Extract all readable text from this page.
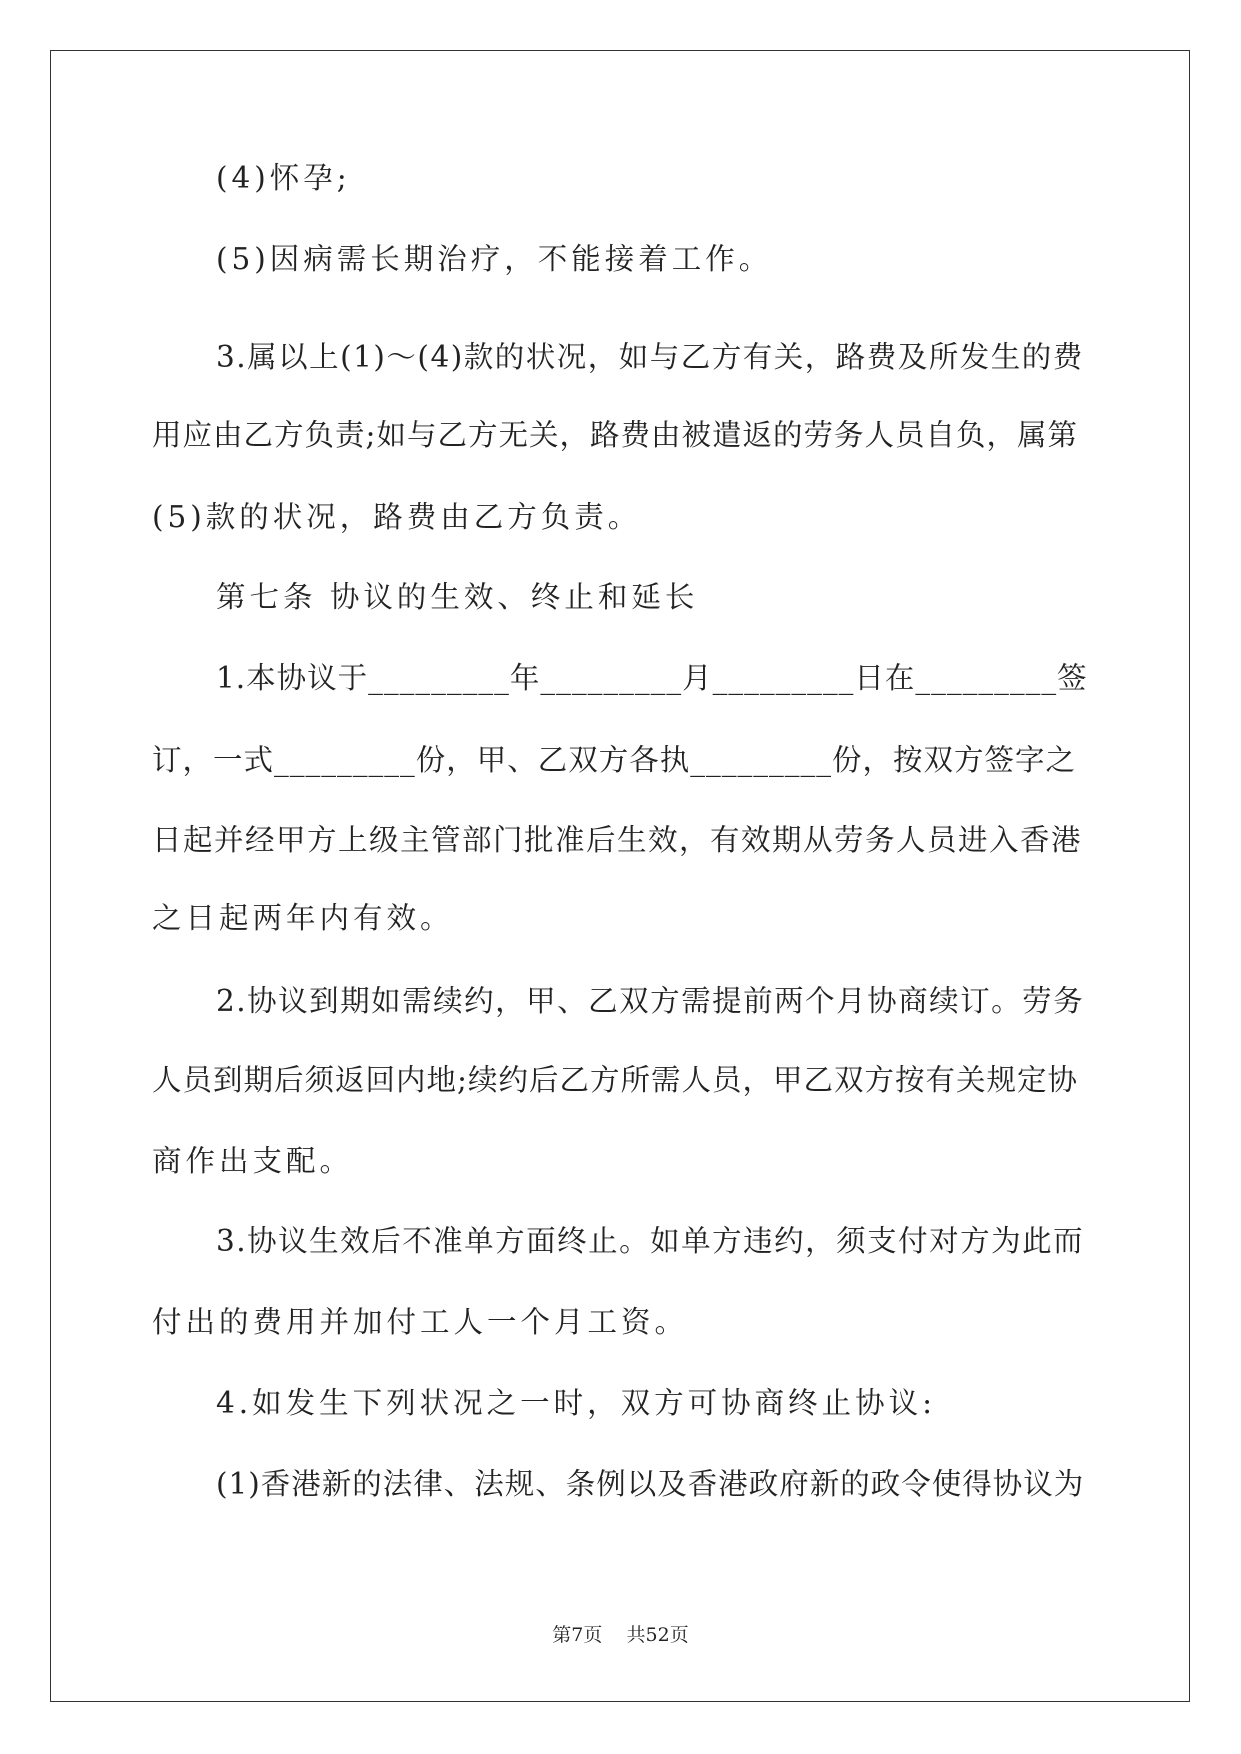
(4)怀孕;
(5)因病需长期治疗，不能接着工作。
3.属以上(1)～(4)款的状况，如与乙方有关，路费及所发生的费
用应由乙方负责;如与乙方无关，路费由被遣返的劳务人员自负，属第
(5)款的状况，路费由乙方负责。
第七条 协议的生效、终止和延长
1.本协议于_________年_________月_________日在_________签
订，一式_________份，甲、乙双方各执_________份，按双方签字之
日起并经甲方上级主管部门批准后生效，有效期从劳务人员进入香港
之日起两年内有效。
2.协议到期如需续约，甲、乙双方需提前两个月协商续订。劳务
人员到期后须返回内地;续约后乙方所需人员，甲乙双方按有关规定协
商作出支配。
3.协议生效后不准单方面终止。如单方违约，须支付对方为此而
付出的费用并加付工人一个月工资。
4.如发生下列状况之一时，双方可协商终止协议:
(1)香港新的法律、法规、条例以及香港政府新的政令使得协议为
第7页 共52页
